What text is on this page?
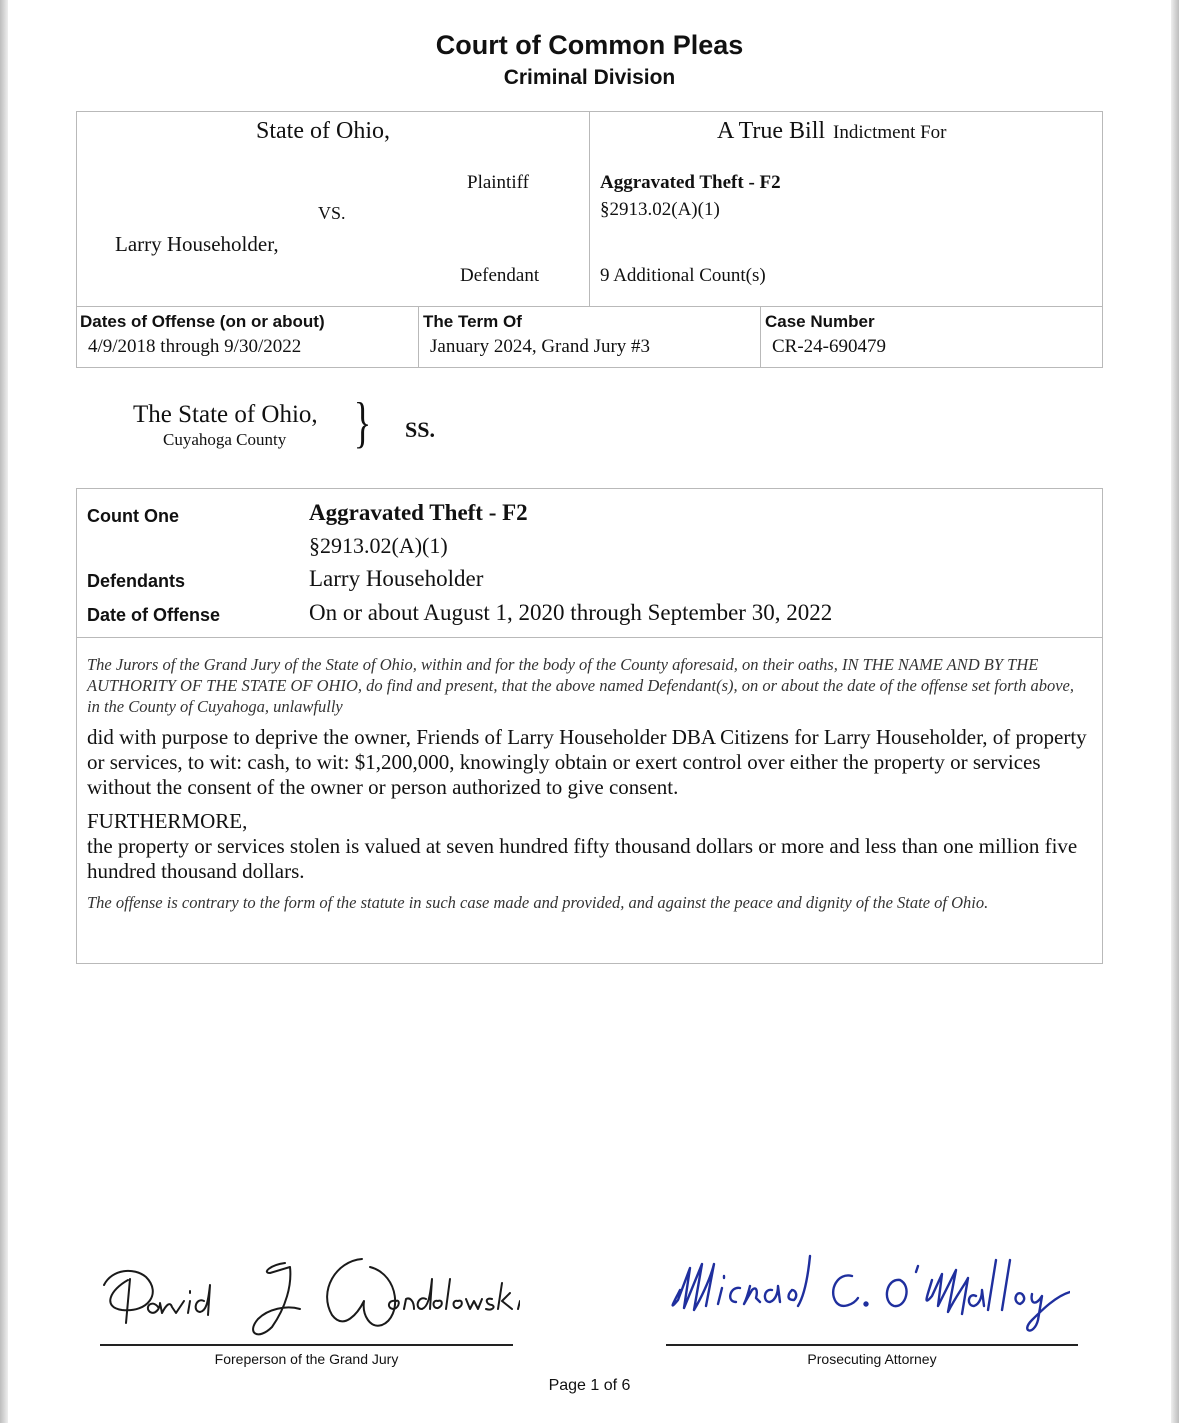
Court of Common Pleas
Criminal Division
State of Ohio,
Plaintiff
VS.
Larry Householder,
Defendant
A True Bill Indictment For
Aggravated Theft - F2
§2913.02(A)(1)
9 Additional Count(s)
Dates of Offense (on or about)
4/9/2018 through 9/30/2022
The Term Of
January 2024, Grand Jury #3
Case Number
CR-24-690479
The State of Ohio,
Cuyahoga County } SS.
Count One	Aggravated Theft - F2
§2913.02(A)(1)
Defendants	Larry Householder
Date of Offense	On or about August 1, 2020 through September 30, 2022
The Jurors of the Grand Jury of the State of Ohio, within and for the body of the County aforesaid, on their oaths, IN THE NAME AND BY THE AUTHORITY OF THE STATE OF OHIO, do find and present, that the above named Defendant(s), on or about the date of the offense set forth above, in the County of Cuyahoga, unlawfully
did with purpose to deprive the owner, Friends of Larry Householder DBA Citizens for Larry Householder, of property or services, to wit: cash, to wit: $1,200,000, knowingly obtain or exert control over either the property or services without the consent of the owner or person authorized to give consent.
FURTHERMORE,
the property or services stolen is valued at seven hundred fifty thousand dollars or more and less than one million five hundred thousand dollars.
The offense is contrary to the form of the statute in such case made and provided, and against the peace and dignity of the State of Ohio.
Foreperson of the Grand Jury	Prosecuting Attorney
Page 1 of 6
